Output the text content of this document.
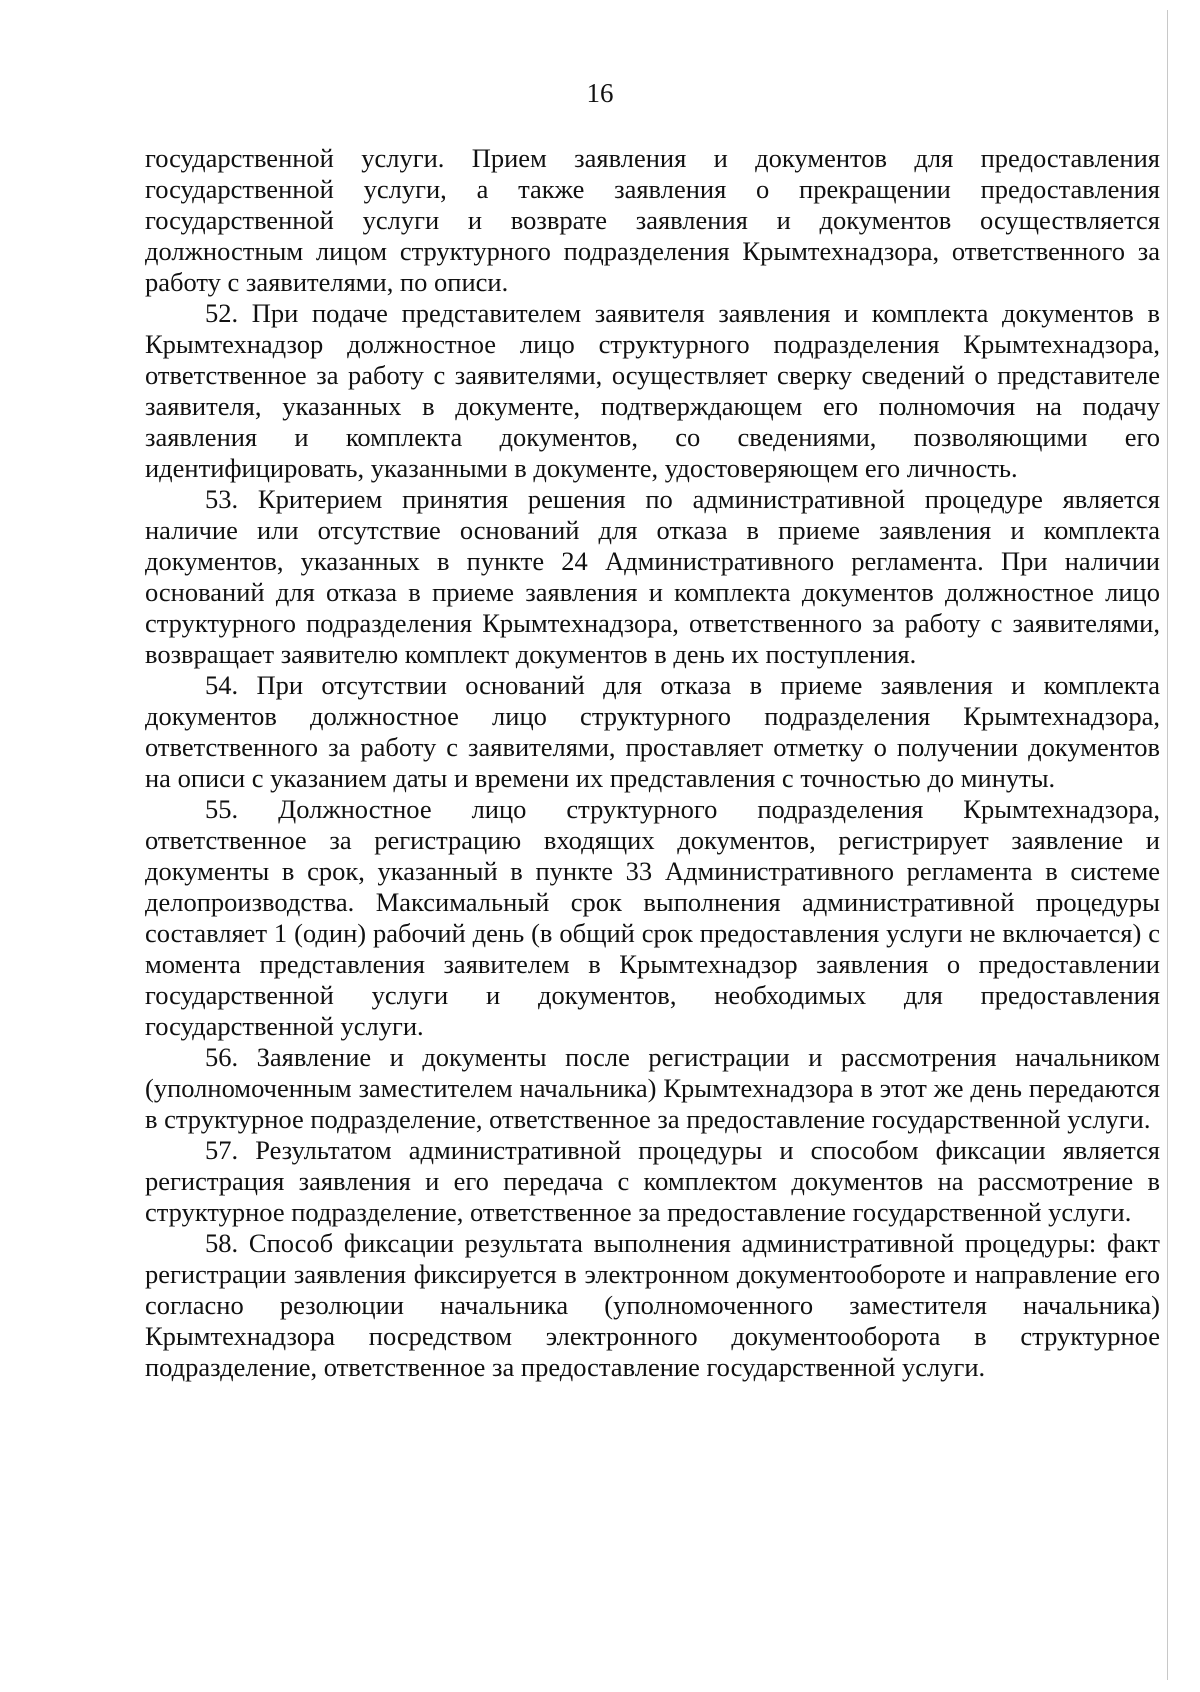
16

государственной услуги. Прием заявления и документов для предоставления государственной услуги, а также заявления о прекращении предоставления государственной услуги и возврате заявления и документов осуществляется должностным лицом структурного подразделения Крымтехнадзора, ответственного за работу с заявителями, по описи.

52. При подаче представителем заявителя заявления и комплекта документов в Крымтехнадзор должностное лицо структурного подразделения Крымтехнадзора, ответственное за работу с заявителями, осуществляет сверку сведений о представителе заявителя, указанных в документе, подтверждающем его полномочия на подачу заявления и комплекта документов, со сведениями, позволяющими его идентифицировать, указанными в документе, удостоверяющем его личность.

53. Критерием принятия решения по административной процедуре является наличие или отсутствие оснований для отказа в приеме заявления и комплекта документов, указанных в пункте 24 Административного регламента. При наличии оснований для отказа в приеме заявления и комплекта документов должностное лицо структурного подразделения Крымтехнадзора, ответственного за работу с заявителями, возвращает заявителю комплект документов в день их поступления.

54. При отсутствии оснований для отказа в приеме заявления и комплекта документов должностное лицо структурного подразделения Крымтехнадзора, ответственного за работу с заявителями, проставляет отметку о получении документов на описи с указанием даты и времени их представления с точностью до минуты.

55. Должностное лицо структурного подразделения Крымтехнадзора, ответственное за регистрацию входящих документов, регистрирует заявление и документы в срок, указанный в пункте 33 Административного регламента в системе делопроизводства. Максимальный срок выполнения административной процедуры составляет 1 (один) рабочий день (в общий срок предоставления услуги не включается) с момента представления заявителем в Крымтехнадзор заявления о предоставлении государственной услуги и документов, необходимых для предоставления государственной услуги.

56. Заявление и документы после регистрации и рассмотрения начальником (уполномоченным заместителем начальника) Крымтехнадзора в этот же день передаются в структурное подразделение, ответственное за предоставление государственной услуги.

57. Результатом административной процедуры и способом фиксации является регистрация заявления и его передача с комплектом документов на рассмотрение в структурное подразделение, ответственное за предоставление государственной услуги.

58. Способ фиксации результата выполнения административной процедуры: факт регистрации заявления фиксируется в электронном документообороте и направление его согласно резолюции начальника (уполномоченного заместителя начальника) Крымтехнадзора посредством электронного документооборота в структурное подразделение, ответственное за предоставление государственной услуги.
